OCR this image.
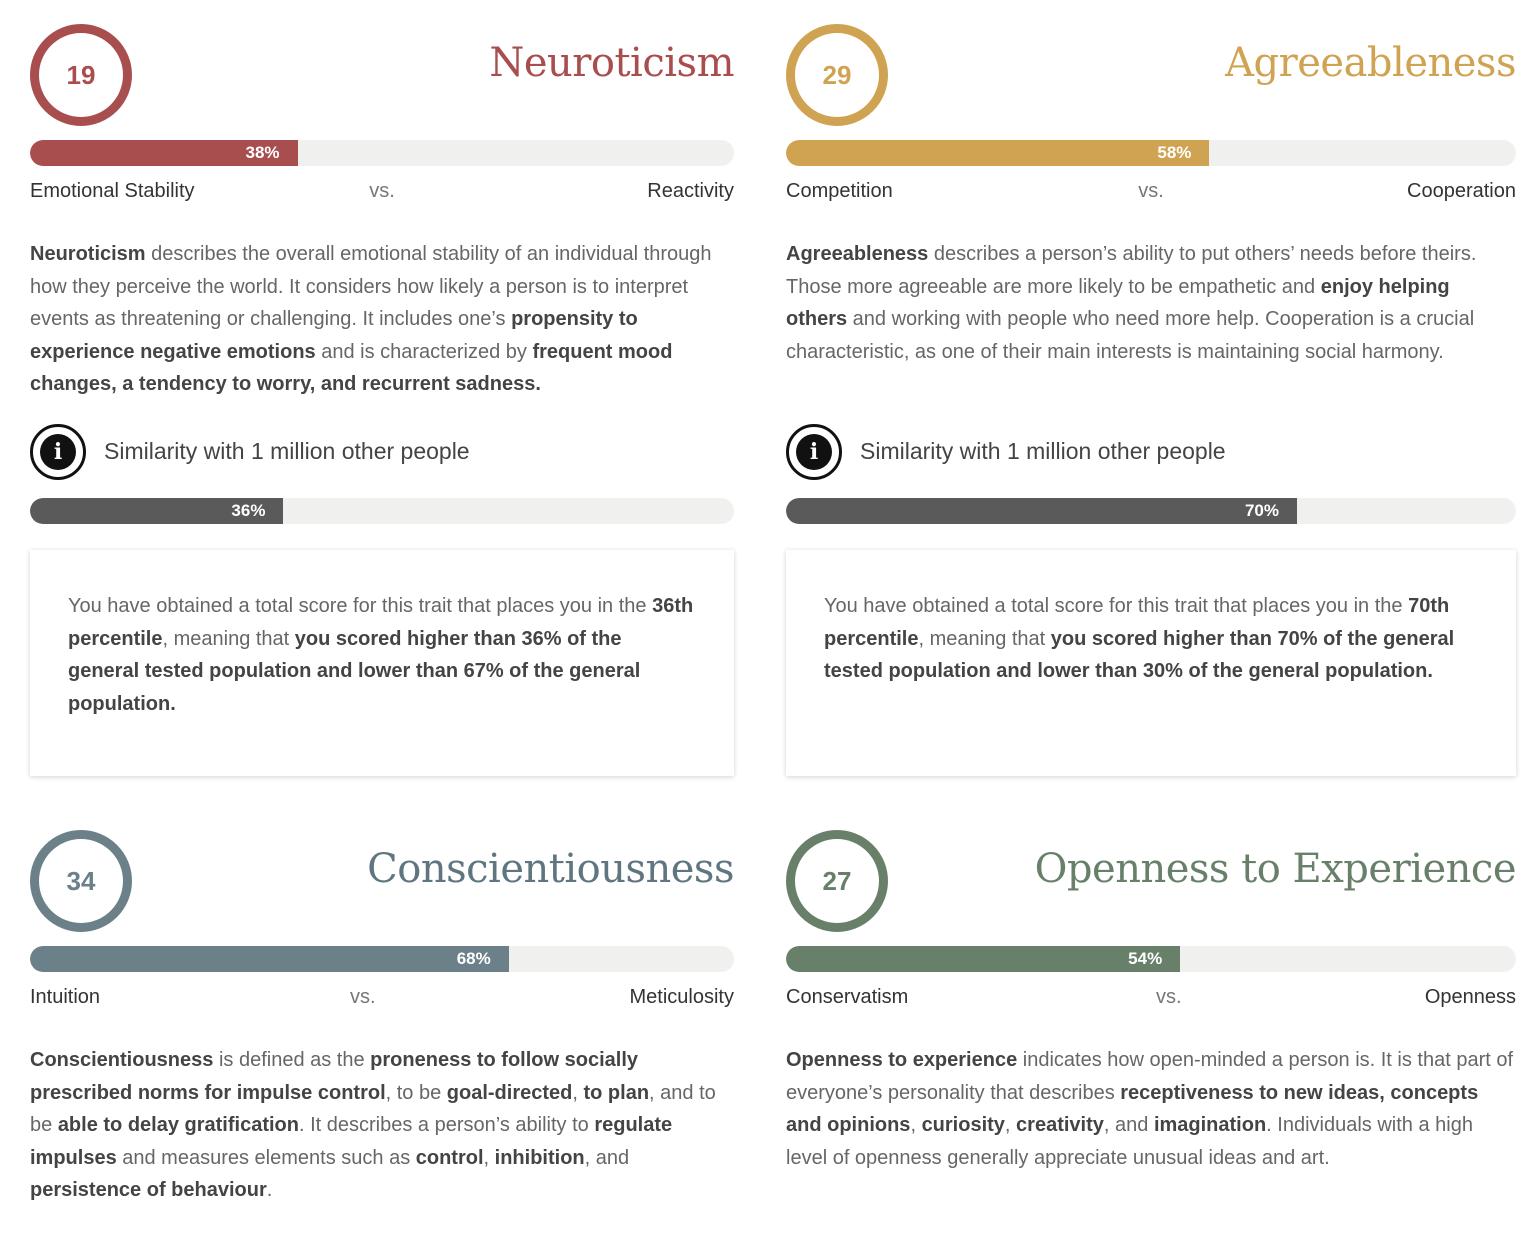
19	Neuroticism
38%
Emotional Stability	vs.	Reactivity

Neuroticism describes the overall emotional stability of an individual through how they perceive the world. It considers how likely a person is to interpret events as threatening or challenging. It includes one’s propensity to experience negative emotions and is characterized by frequent mood changes, a tendency to worry, and recurrent sadness.

i	Similarity with 1 million other people
36%
You have obtained a total score for this trait that places you in the 36th percentile, meaning that you scored higher than 36% of the general tested population and lower than 67% of the general population.
29	Agreeableness
58%
Competition	vs.	Cooperation

Agreeableness describes a person’s ability to put others’ needs before theirs. Those more agreeable are more likely to be empathetic and enjoy helping others and working with people who need more help. Cooperation is a crucial characteristic, as one of their main interests is maintaining social harmony.

i	Similarity with 1 million other people
70%
You have obtained a total score for this trait that places you in the 70th percentile, meaning that you scored higher than 70% of the general tested population and lower than 30% of the general population.
34	Conscientiousness
68%
Intuition	vs.	Meticulosity

Conscientiousness is defined as the proneness to follow socially prescribed norms for impulse control, to be goal-directed, to plan, and to be able to delay gratification. It describes a person’s ability to regulate impulses and measures elements such as control, inhibition, and persistence of behaviour.

27	Openness to Experience
54%
Conservatism	vs.	Openness

Openness to experience indicates how open-minded a person is. It is that part of everyone’s personality that describes receptiveness to new ideas, concepts and opinions, curiosity, creativity, and imagination. Individuals with a high level of openness generally appreciate unusual ideas and art.
